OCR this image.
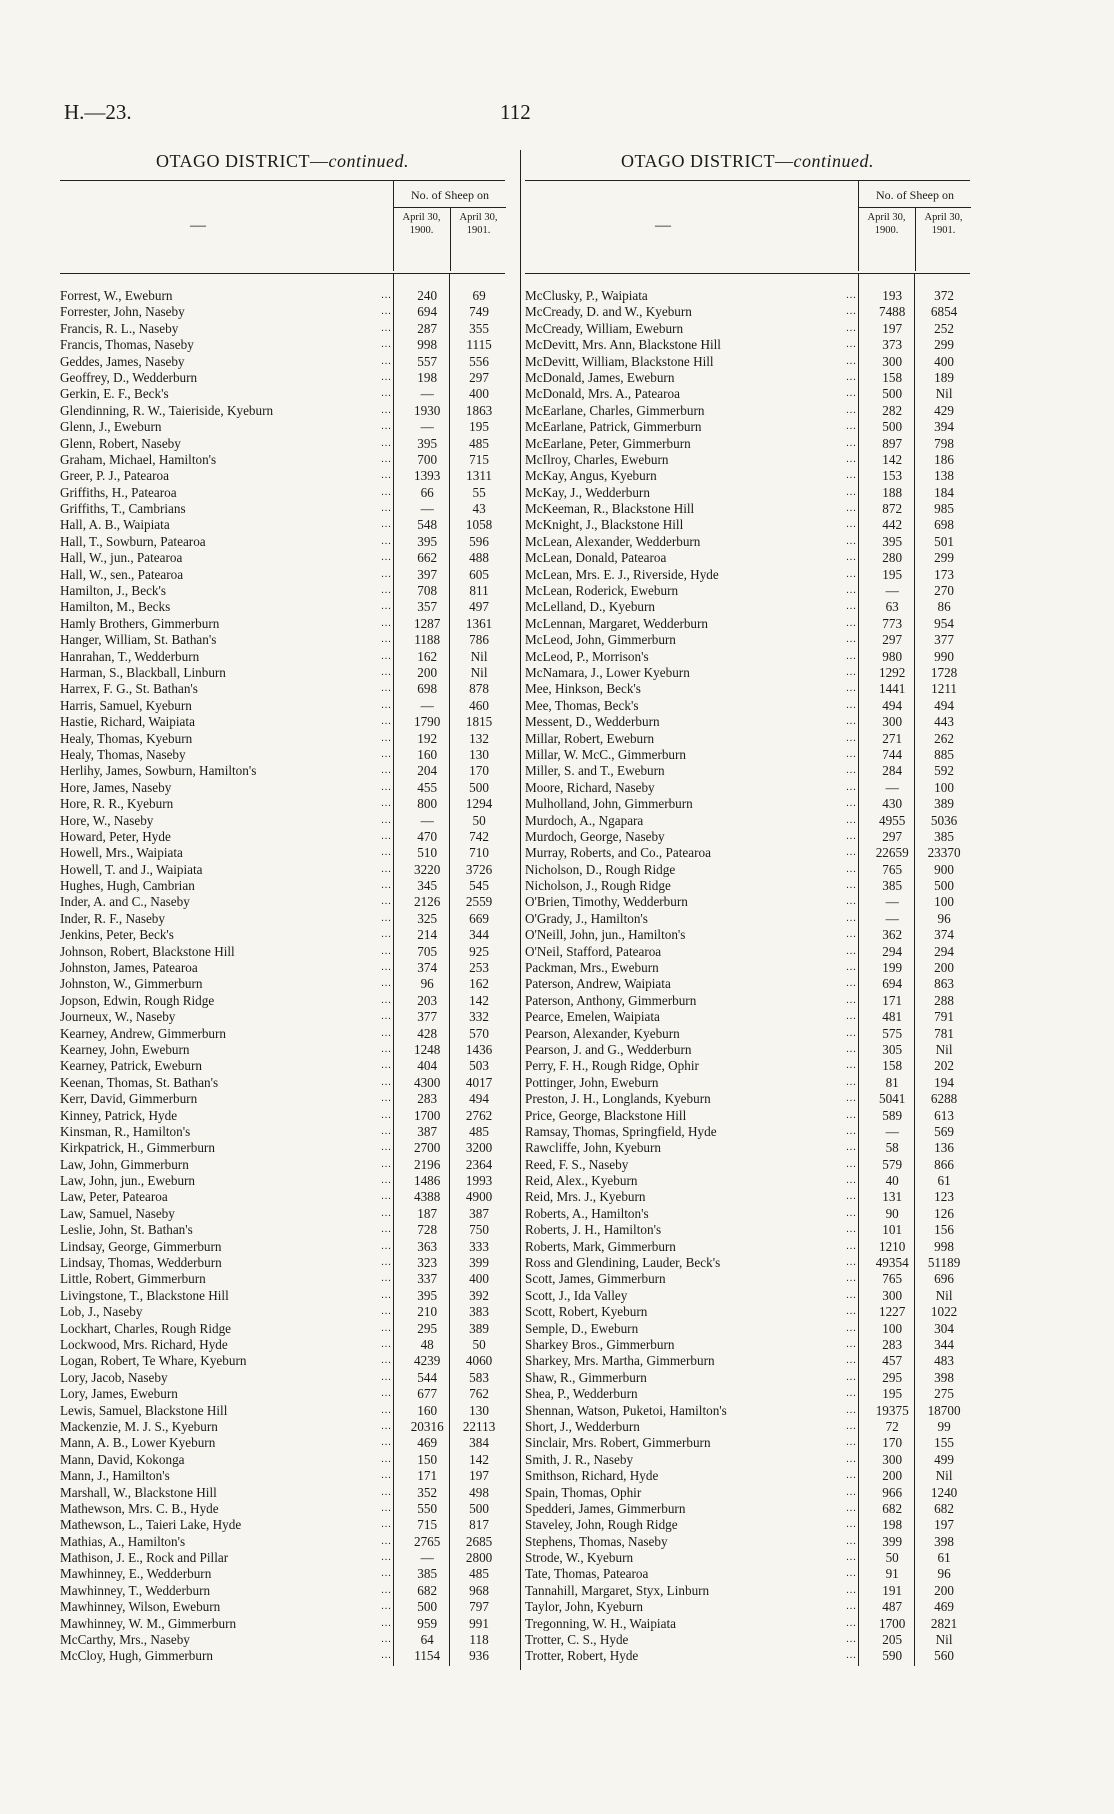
H.—23.	112
OTAGO DISTRICT—continued.
—
No. of Sheep on
April 30, 1900.
April 30, 1901.
Forrest, W., Eweburn	...	240	69
Forrester, John, Naseby	...	694	749
Francis, R. L., Naseby	...	287	355
Francis, Thomas, Naseby	...	998	1115
Geddes, James, Naseby	...	557	556
Geoffrey, D., Wedderburn	...	198	297
Gerkin, E. F., Beck's	...	—	400
Glendinning, R. W., Taieriside, Kyeburn	...	1930	1863
Glenn, J., Eweburn	...	—	195
Glenn, Robert, Naseby	...	395	485
Graham, Michael, Hamilton's	...	700	715
Greer, P. J., Patearoa	...	1393	1311
Griffiths, H., Patearoa	...	66	55
Griffiths, T., Cambrians	...	—	43
Hall, A. B., Waipiata	...	548	1058
Hall, T., Sowburn, Patearoa	...	395	596
Hall, W., jun., Patearoa	...	662	488
Hall, W., sen., Patearoa	...	397	605
Hamilton, J., Beck's	...	708	811
Hamilton, M., Becks	...	357	497
Hamly Brothers, Gimmerburn	...	1287	1361
Hanger, William, St. Bathan's	...	1188	786
Hanrahan, T., Wedderburn	...	162	Nil
Harman, S., Blackball, Linburn	...	200	Nil
Harrex, F. G., St. Bathan's	...	698	878
Harris, Samuel, Kyeburn	...	—	460
Hastie, Richard, Waipiata	...	1790	1815
Healy, Thomas, Kyeburn	...	192	132
Healy, Thomas, Naseby	...	160	130
Herlihy, James, Sowburn, Hamilton's	...	204	170
Hore, James, Naseby	...	455	500
Hore, R. R., Kyeburn	...	800	1294
Hore, W., Naseby	...	—	50
Howard, Peter, Hyde	...	470	742
Howell, Mrs., Waipiata	...	510	710
Howell, T. and J., Waipiata	...	3220	3726
Hughes, Hugh, Cambrian	...	345	545
Inder, A. and C., Naseby	...	2126	2559
Inder, R. F., Naseby	...	325	669
Jenkins, Peter, Beck's	...	214	344
Johnson, Robert, Blackstone Hill	...	705	925
Johnston, James, Patearoa	...	374	253
Johnston, W., Gimmerburn	...	96	162
Jopson, Edwin, Rough Ridge	...	203	142
Journeux, W., Naseby	...	377	332
Kearney, Andrew, Gimmerburn	...	428	570
Kearney, John, Eweburn	...	1248	1436
Kearney, Patrick, Eweburn	...	404	503
Keenan, Thomas, St. Bathan's	...	4300	4017
Kerr, David, Gimmerburn	...	283	494
Kinney, Patrick, Hyde	...	1700	2762
Kinsman, R., Hamilton's	...	387	485
Kirkpatrick, H., Gimmerburn	...	2700	3200
Law, John, Gimmerburn	...	2196	2364
Law, John, jun., Eweburn	...	1486	1993
Law, Peter, Patearoa	...	4388	4900
Law, Samuel, Naseby	...	187	387
Leslie, John, St. Bathan's	...	728	750
Lindsay, George, Gimmerburn	...	363	333
Lindsay, Thomas, Wedderburn	...	323	399
Little, Robert, Gimmerburn	...	337	400
Livingstone, T., Blackstone Hill	...	395	392
Lob, J., Naseby	...	210	383
Lockhart, Charles, Rough Ridge	...	295	389
Lockwood, Mrs. Richard, Hyde	...	48	50
Logan, Robert, Te Whare, Kyeburn	...	4239	4060
Lory, Jacob, Naseby	...	544	583
Lory, James, Eweburn	...	677	762
Lewis, Samuel, Blackstone Hill	...	160	130
Mackenzie, M. J. S., Kyeburn	...	20316	22113
Mann, A. B., Lower Kyeburn	...	469	384
Mann, David, Kokonga	...	150	142
Mann, J., Hamilton's	...	171	197
Marshall, W., Blackstone Hill	...	352	498
Mathewson, Mrs. C. B., Hyde	...	550	500
Mathewson, L., Taieri Lake, Hyde	...	715	817
Mathias, A., Hamilton's	...	2765	2685
Mathison, J. E., Rock and Pillar	...	—	2800
Mawhinney, E., Wedderburn	...	385	485
Mawhinney, T., Wedderburn	...	682	968
Mawhinney, Wilson, Eweburn	...	500	797
Mawhinney, W. M., Gimmerburn	...	959	991
McCarthy, Mrs., Naseby	...	64	118
McCloy, Hugh, Gimmerburn	...	1154	936
OTAGO DISTRICT—continued.
—
No. of Sheep on
April 30, 1900.
April 30, 1901.
McClusky, P., Waipiata	...	193	372
McCready, D. and W., Kyeburn	...	7488	6854
McCready, William, Eweburn	...	197	252
McDevitt, Mrs. Ann, Blackstone Hill	...	373	299
McDevitt, William, Blackstone Hill	...	300	400
McDonald, James, Eweburn	...	158	189
McDonald, Mrs. A., Patearoa	...	500	Nil
McEarlane, Charles, Gimmerburn	...	282	429
McEarlane, Patrick, Gimmerburn	...	500	394
McEarlane, Peter, Gimmerburn	...	897	798
McIlroy, Charles, Eweburn	...	142	186
McKay, Angus, Kyeburn	...	153	138
McKay, J., Wedderburn	...	188	184
McKeeman, R., Blackstone Hill	...	872	985
McKnight, J., Blackstone Hill	...	442	698
McLean, Alexander, Wedderburn	...	395	501
McLean, Donald, Patearoa	...	280	299
McLean, Mrs. E. J., Riverside, Hyde	...	195	173
McLean, Roderick, Eweburn	...	—	270
McLelland, D., Kyeburn	...	63	86
McLennan, Margaret, Wedderburn	...	773	954
McLeod, John, Gimmerburn	...	297	377
McLeod, P., Morrison's	...	980	990
McNamara, J., Lower Kyeburn	...	1292	1728
Mee, Hinkson, Beck's	...	1441	1211
Mee, Thomas, Beck's	...	494	494
Messent, D., Wedderburn	...	300	443
Millar, Robert, Eweburn	...	271	262
Millar, W. McC., Gimmerburn	...	744	885
Miller, S. and T., Eweburn	...	284	592
Moore, Richard, Naseby	...	—	100
Mulholland, John, Gimmerburn	...	430	389
Murdoch, A., Ngapara	...	4955	5036
Murdoch, George, Naseby	...	297	385
Murray, Roberts, and Co., Patearoa	...	22659	23370
Nicholson, D., Rough Ridge	...	765	900
Nicholson, J., Rough Ridge	...	385	500
O'Brien, Timothy, Wedderburn	...	—	100
O'Grady, J., Hamilton's	...	—	96
O'Neill, John, jun., Hamilton's	...	362	374
O'Neil, Stafford, Patearoa	...	294	294
Packman, Mrs., Eweburn	...	199	200
Paterson, Andrew, Waipiata	...	694	863
Paterson, Anthony, Gimmerburn	...	171	288
Pearce, Emelen, Waipiata	...	481	791
Pearson, Alexander, Kyeburn	...	575	781
Pearson, J. and G., Wedderburn	...	305	Nil
Perry, F. H., Rough Ridge, Ophir	...	158	202
Pottinger, John, Eweburn	...	81	194
Preston, J. H., Longlands, Kyeburn	...	5041	6288
Price, George, Blackstone Hill	...	589	613
Ramsay, Thomas, Springfield, Hyde	...	—	569
Rawcliffe, John, Kyeburn	...	58	136
Reed, F. S., Naseby	...	579	866
Reid, Alex., Kyeburn	...	40	61
Reid, Mrs. J., Kyeburn	...	131	123
Roberts, A., Hamilton's	...	90	126
Roberts, J. H., Hamilton's	...	101	156
Roberts, Mark, Gimmerburn	...	1210	998
Ross and Glendining, Lauder, Beck's	...	49354	51189
Scott, James, Gimmerburn	...	765	696
Scott, J., Ida Valley	...	300	Nil
Scott, Robert, Kyeburn	...	1227	1022
Semple, D., Eweburn	...	100	304
Sharkey Bros., Gimmerburn	...	283	344
Sharkey, Mrs. Martha, Gimmerburn	...	457	483
Shaw, R., Gimmerburn	...	295	398
Shea, P., Wedderburn	...	195	275
Shennan, Watson, Puketoi, Hamilton's	...	19375	18700
Short, J., Wedderburn	...	72	99
Sinclair, Mrs. Robert, Gimmerburn	...	170	155
Smith, J. R., Naseby	...	300	499
Smithson, Richard, Hyde	...	200	Nil
Spain, Thomas, Ophir	...	966	1240
Spedderi, James, Gimmerburn	...	682	682
Staveley, John, Rough Ridge	...	198	197
Stephens, Thomas, Naseby	...	399	398
Strode, W., Kyeburn	...	50	61
Tate, Thomas, Patearoa	...	91	96
Tannahill, Margaret, Styx, Linburn	...	191	200
Taylor, John, Kyeburn	...	487	469
Tregonning, W. H., Waipiata	...	1700	2821
Trotter, C. S., Hyde	...	205	Nil
Trotter, Robert, Hyde	...	590	560
